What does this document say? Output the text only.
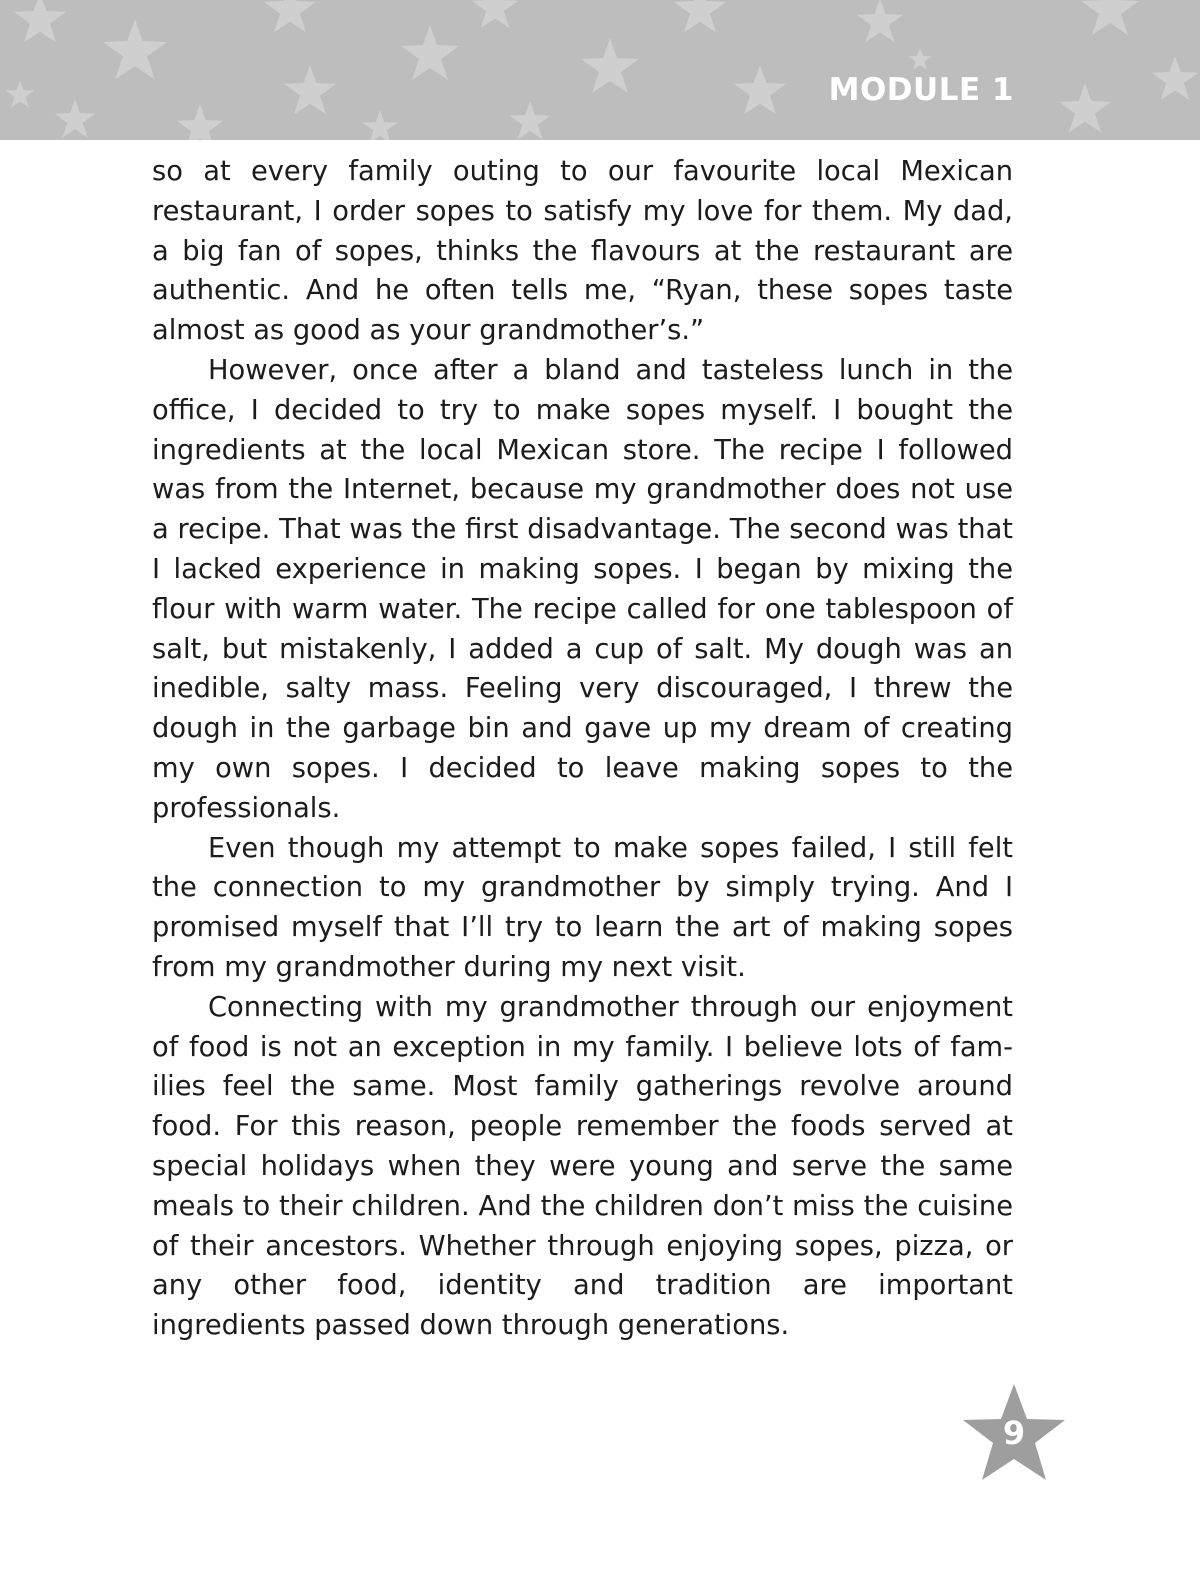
MODULE 1

so at every family outing to our favourite local Mexican restaurant, I order sopes to satisfy my love for them. My dad, a big fan of sopes, thinks the flavours at the restaurant are authentic. And he often tells me, “Ryan, these sopes taste almost as good as your grandmother’s.”

However, once after a bland and tasteless lunch in the office, I decided to try to make sopes myself. I bought the ingredients at the local Mexican store. The recipe I followed was from the Internet, because my grandmother does not use a recipe. That was the first disadvantage. The second was that I lacked experience in making sopes. I began by mixing the flour with warm water. The recipe called for one tablespoon of salt, but mistakenly, I added a cup of salt. My dough was an inedible, salty mass. Feeling very discouraged, I threw the dough in the garbage bin and gave up my dream of creating my own sopes. I decided to leave making sopes to the professionals.

Even though my attempt to make sopes failed, I still felt the connection to my grandmother by simply trying. And I promised myself that I’ll try to learn the art of making sopes from my grandmother during my next visit.

Connecting with my grandmother through our enjoyment of food is not an exception in my family. I believe lots of families feel the same. Most family gatherings revolve around food. For this reason, people remember the foods served at special holidays when they were young and serve the same meals to their children. And the children don’t miss the cuisine of their ancestors. Whether through enjoying sopes, pizza, or any other food, identity and tradition are important ingredients passed down through generations.

9
